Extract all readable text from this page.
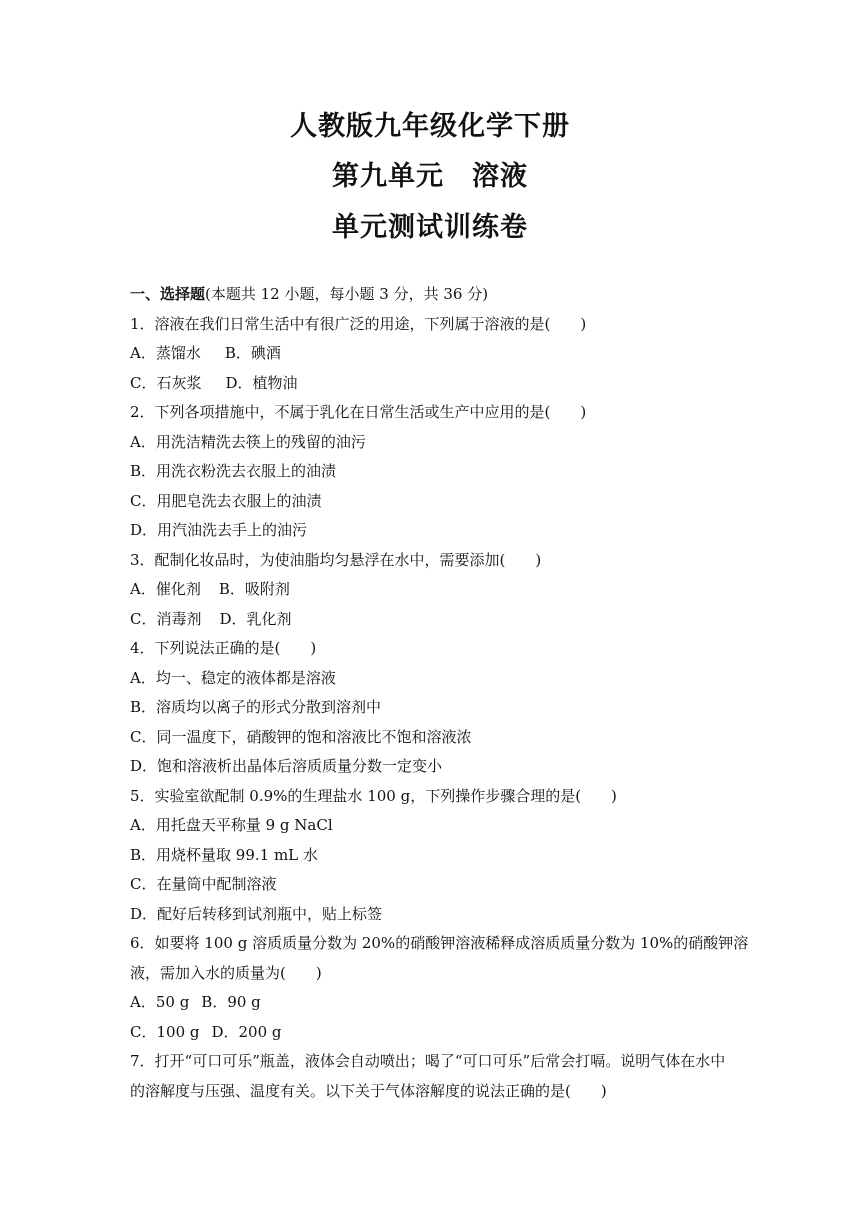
人教版九年级化学下册
第九单元　溶液
单元测试训练卷
一、选择题(本题共 12 小题，每小题 3 分，共 36 分)
1．溶液在我们日常生活中有很广泛的用途，下列属于溶液的是(　　)
A．蒸馏水 B．碘酒
C．石灰浆 D．植物油
2．下列各项措施中，不属于乳化在日常生活或生产中应用的是(　　)
A．用洗洁精洗去筷上的残留的油污
B．用洗衣粉洗去衣服上的油渍
C．用肥皂洗去衣服上的油渍
D．用汽油洗去手上的油污
3．配制化妆品时，为使油脂均匀悬浮在水中，需要添加(　　)
A．催化剂 B．吸附剂
C．消毒剂 D．乳化剂
4．下列说法正确的是(　　)
A．均一、稳定的液体都是溶液
B．溶质均以离子的形式分散到溶剂中
C．同一温度下，硝酸钾的饱和溶液比不饱和溶液浓
D．饱和溶液析出晶体后溶质质量分数一定变小
5．实验室欲配制 0.9%的生理盐水 100 g，下列操作步骤合理的是(　　)
A．用托盘天平称量 9 g NaCl
B．用烧杯量取 99.1 mL 水
C．在量筒中配制溶液
D．配好后转移到试剂瓶中，贴上标签
6．如要将 100 g 溶质质量分数为 20%的硝酸钾溶液稀释成溶质质量分数为 10%的硝酸钾溶
液，需加入水的质量为(　　)
A．50 g B．90 g
C．100 g D．200 g
7．打开“可口可乐”瓶盖，液体会自动喷出；喝了“可口可乐”后常会打嗝。说明气体在水中
的溶解度与压强、温度有关。以下关于气体溶解度的说法正确的是(　　)
